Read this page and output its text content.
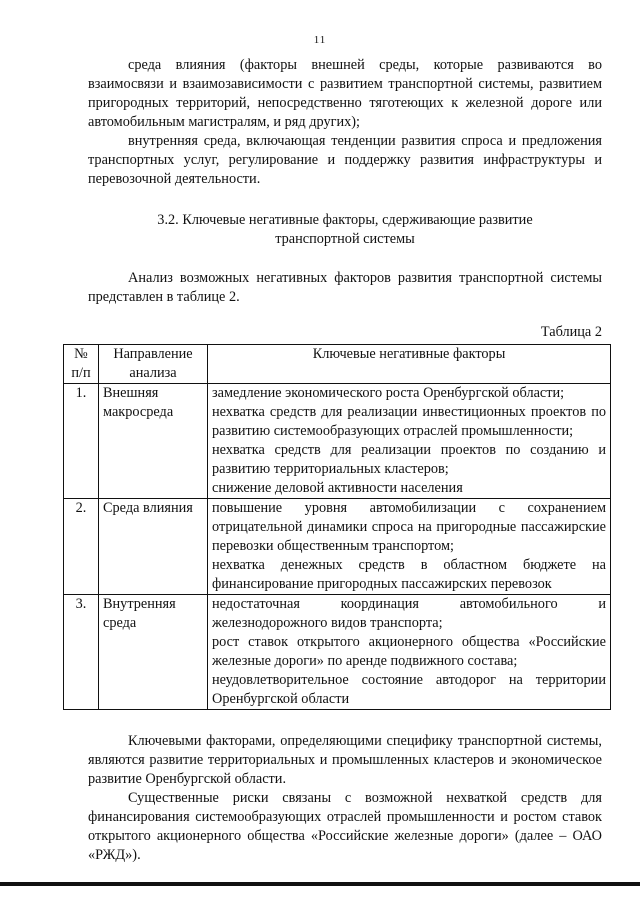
11

среда влияния (факторы внешней среды, которые развиваются во взаимосвязи и взаимозависимости с развитием транспортной системы, развитием пригородных территорий, непосредственно тяготеющих к железной дороге или автомобильным магистралям, и ряд других);

внутренняя среда, включающая тенденции развития спроса и предложения транспортных услуг, регулирование и поддержку развития инфраструктуры и перевозочной деятельности.

3.2. Ключевые негативные факторы, сдерживающие развитие
транспортной системы

Анализ возможных негативных факторов развития транспортной системы представлен в таблице 2.

Таблица 2
№ п/п	Направление анализа	Ключевые негативные факторы
1.	Внешняя макросреда	замедление экономического роста Оренбургской области;
нехватка средств для реализации инвестиционных проектов по развитию системообразующих отраслей промышленности;
нехватка средств для реализации проектов по созданию и развитию территориальных кластеров;
снижение деловой активности населения

2.	Среда влияния	повышение уровня автомобилизации с сохранением отрицательной динамики спроса на пригородные пассажирские перевозки общественным транспортом;
нехватка денежных средств в областном бюджете на финансирование пригородных пассажирских перевозок

3.	Внутренняя среда	недостаточная координация автомобильного и железнодорожного видов транспорта;
рост ставок открытого акционерного общества «Российские железные дороги» по аренде подвижного состава;
неудовлетворительное состояние автодорог на территории Оренбургской области

Ключевыми факторами, определяющими специфику транспортной системы, являются развитие территориальных и промышленных кластеров и экономическое развитие Оренбургской области.

Существенные риски связаны с возможной нехваткой средств для финансирования системообразующих отраслей промышленности и ростом ставок открытого акционерного общества «Российские железные дороги» (далее – ОАО «РЖД»).
